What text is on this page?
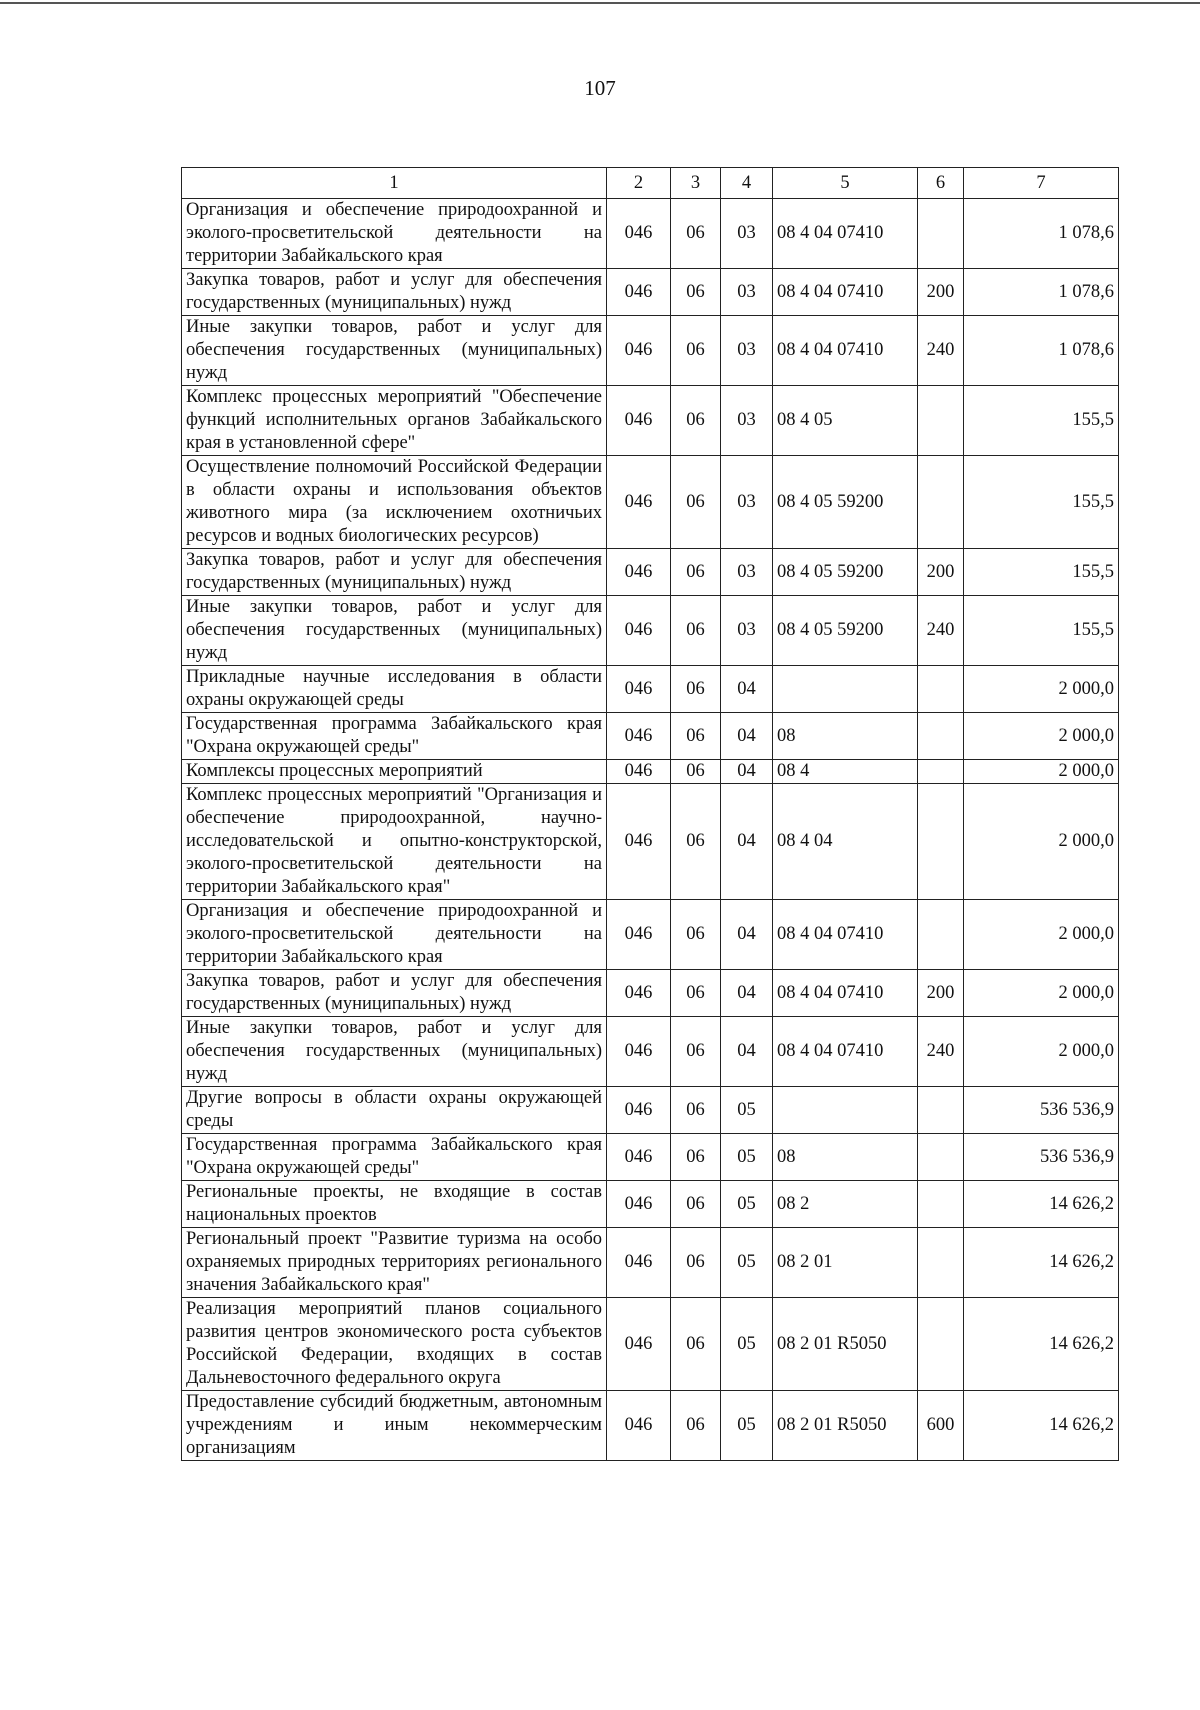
107
1	2	3	4	5	6	7
Организация и обеспечение природоохранной и эколого-просветительской деятельности на территории Забайкальского края	046	06	03	08 4 04 07410		1 078,6
Закупка товаров, работ и услуг для обеспечения государственных (муниципальных) нужд	046	06	03	08 4 04 07410	200	1 078,6
Иные закупки товаров, работ и услуг для обеспечения государственных (муниципальных) нужд	046	06	03	08 4 04 07410	240	1 078,6
Комплекс процессных мероприятий "Обеспечение функций исполнительных органов Забайкальского края в установленной сфере"	046	06	03	08 4 05		155,5
Осуществление полномочий Российской Федерации в области охраны и использования объектов животного мира (за исключением охотничьих ресурсов и водных биологических ресурсов)	046	06	03	08 4 05 59200		155,5
Закупка товаров, работ и услуг для обеспечения государственных (муниципальных) нужд	046	06	03	08 4 05 59200	200	155,5
Иные закупки товаров, работ и услуг для обеспечения государственных (муниципальных) нужд	046	06	03	08 4 05 59200	240	155,5
Прикладные научные исследования в области охраны окружающей среды	046	06	04			2 000,0
Государственная программа Забайкальского края "Охрана окружающей среды"	046	06	04	08		2 000,0
Комплексы процессных мероприятий	046	06	04	08 4		2 000,0
Комплекс процессных мероприятий "Организация и обеспечение природоохранной, научно-исследовательской и опытно-конструкторской, эколого-просветительской деятельности на территории Забайкальского края"	046	06	04	08 4 04		2 000,0
Организация и обеспечение природоохранной и эколого-просветительской деятельности на территории Забайкальского края	046	06	04	08 4 04 07410		2 000,0
Закупка товаров, работ и услуг для обеспечения государственных (муниципальных) нужд	046	06	04	08 4 04 07410	200	2 000,0
Иные закупки товаров, работ и услуг для обеспечения государственных (муниципальных) нужд	046	06	04	08 4 04 07410	240	2 000,0
Другие вопросы в области охраны окружающей среды	046	06	05			536 536,9
Государственная программа Забайкальского края "Охрана окружающей среды"	046	06	05	08		536 536,9
Региональные проекты, не входящие в состав национальных проектов	046	06	05	08 2		14 626,2
Региональный проект "Развитие туризма на особо охраняемых природных территориях регионального значения Забайкальского края"	046	06	05	08 2 01		14 626,2
Реализация мероприятий планов социального развития центров экономического роста субъектов Российской Федерации, входящих в состав Дальневосточного федерального округа	046	06	05	08 2 01 R5050		14 626,2
Предоставление субсидий бюджетным, автономным учреждениям и иным некоммерческим организациям	046	06	05	08 2 01 R5050	600	14 626,2
